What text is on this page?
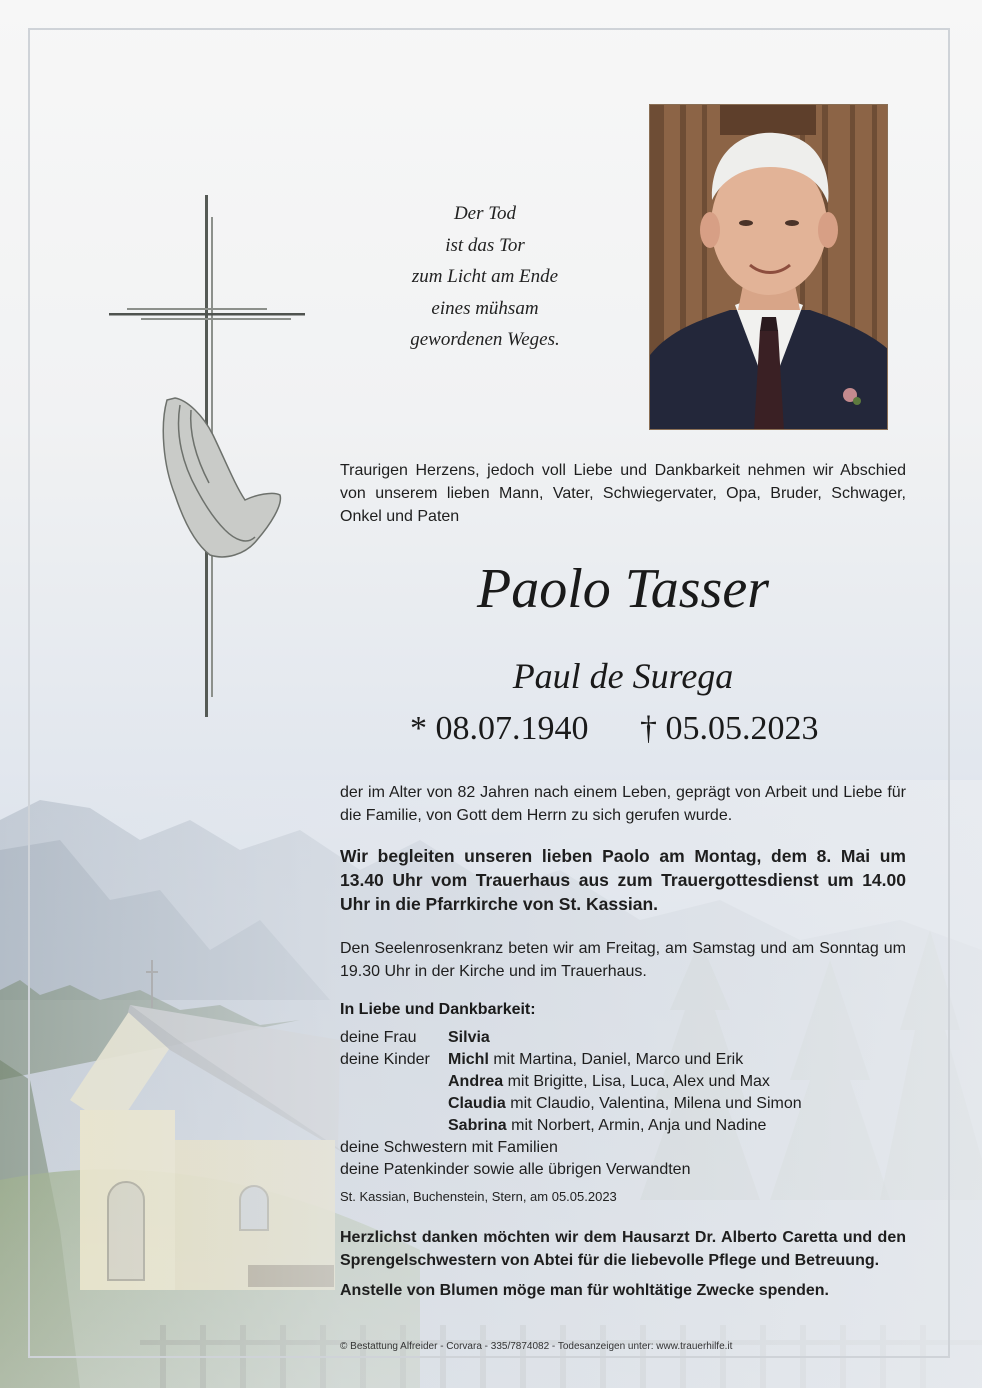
Der Tod
ist das Tor
zum Licht am Ende
eines mühsam
gewordenen Weges.
Traurigen Herzens, jedoch voll Liebe und Dankbarkeit nehmen wir Abschied von unserem lieben Mann, Vater, Schwiegervater, Opa, Bruder, Schwager, Onkel und Paten
Paolo Tasser
Paul de Surega
* 08.07.1940 † 05.05.2023
der im Alter von 82 Jahren nach einem Leben, geprägt von Arbeit und Liebe für die Familie, von Gott dem Herrn zu sich gerufen wurde.
Wir begleiten unseren lieben Paolo am Montag, dem 8. Mai um 13.40 Uhr vom Trauerhaus aus zum Trauergottesdienst um 14.00 Uhr in die Pfarrkirche von St. Kassian.
Den Seelenrosenkranz beten wir am Freitag, am Samstag und am Sonntag um 19.30 Uhr in der Kirche und im Trauerhaus.
In Liebe und Dankbarkeit:
deine Frau Silvia
deine Kinder Michl mit Martina, Daniel, Marco und Erik
Andrea mit Brigitte, Lisa, Luca, Alex und Max
Claudia mit Claudio, Valentina, Milena und Simon
Sabrina mit Norbert, Armin, Anja und Nadine
deine Schwestern mit Familien
deine Patenkinder sowie alle übrigen Verwandten
St. Kassian, Buchenstein, Stern, am 05.05.2023
Herzlichst danken möchten wir dem Hausarzt Dr. Alberto Caretta und den Sprengelschwestern von Abtei für die liebevolle Pflege und Betreuung.
Anstelle von Blumen möge man für wohltätige Zwecke spenden.
© Bestattung Alfreider - Corvara - 335/7874082 - Todesanzeigen unter: www.trauerhilfe.it
